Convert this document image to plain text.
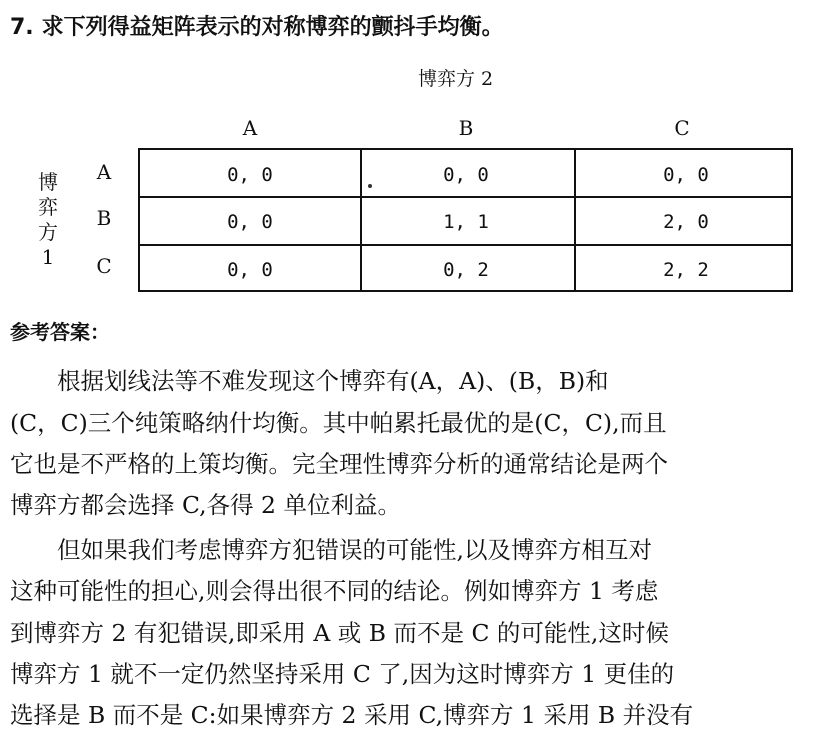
7. 求下列得益矩阵表示的对称博弈的颤抖手均衡。
博弈方 2
A	B	C
博
弈
方
1
A
B
C
0, 0	0, 0	0, 0
0, 0	1, 1	2, 0
0, 0	0, 2	2, 2
参考答案：
　　根据划线法等不难发现这个博弈有(A，A)、(B，B)和
(C，C)三个纯策略纳什均衡。其中帕累托最优的是(C，C),而且
它也是不严格的上策均衡。完全理性博弈分析的通常结论是两个
博弈方都会选择 C,各得 2 单位利益。
　　但如果我们考虑博弈方犯错误的可能性,以及博弈方相互对
这种可能性的担心,则会得出很不同的结论。例如博弈方 1 考虑
到博弈方 2 有犯错误,即采用 A 或 B 而不是 C 的可能性,这时候
博弈方 1 就不一定仍然坚持采用 C 了,因为这时博弈方 1 更佳的
选择是 B 而不是 C:如果博弈方 2 采用 C,博弈方 1 采用 B 并没有
